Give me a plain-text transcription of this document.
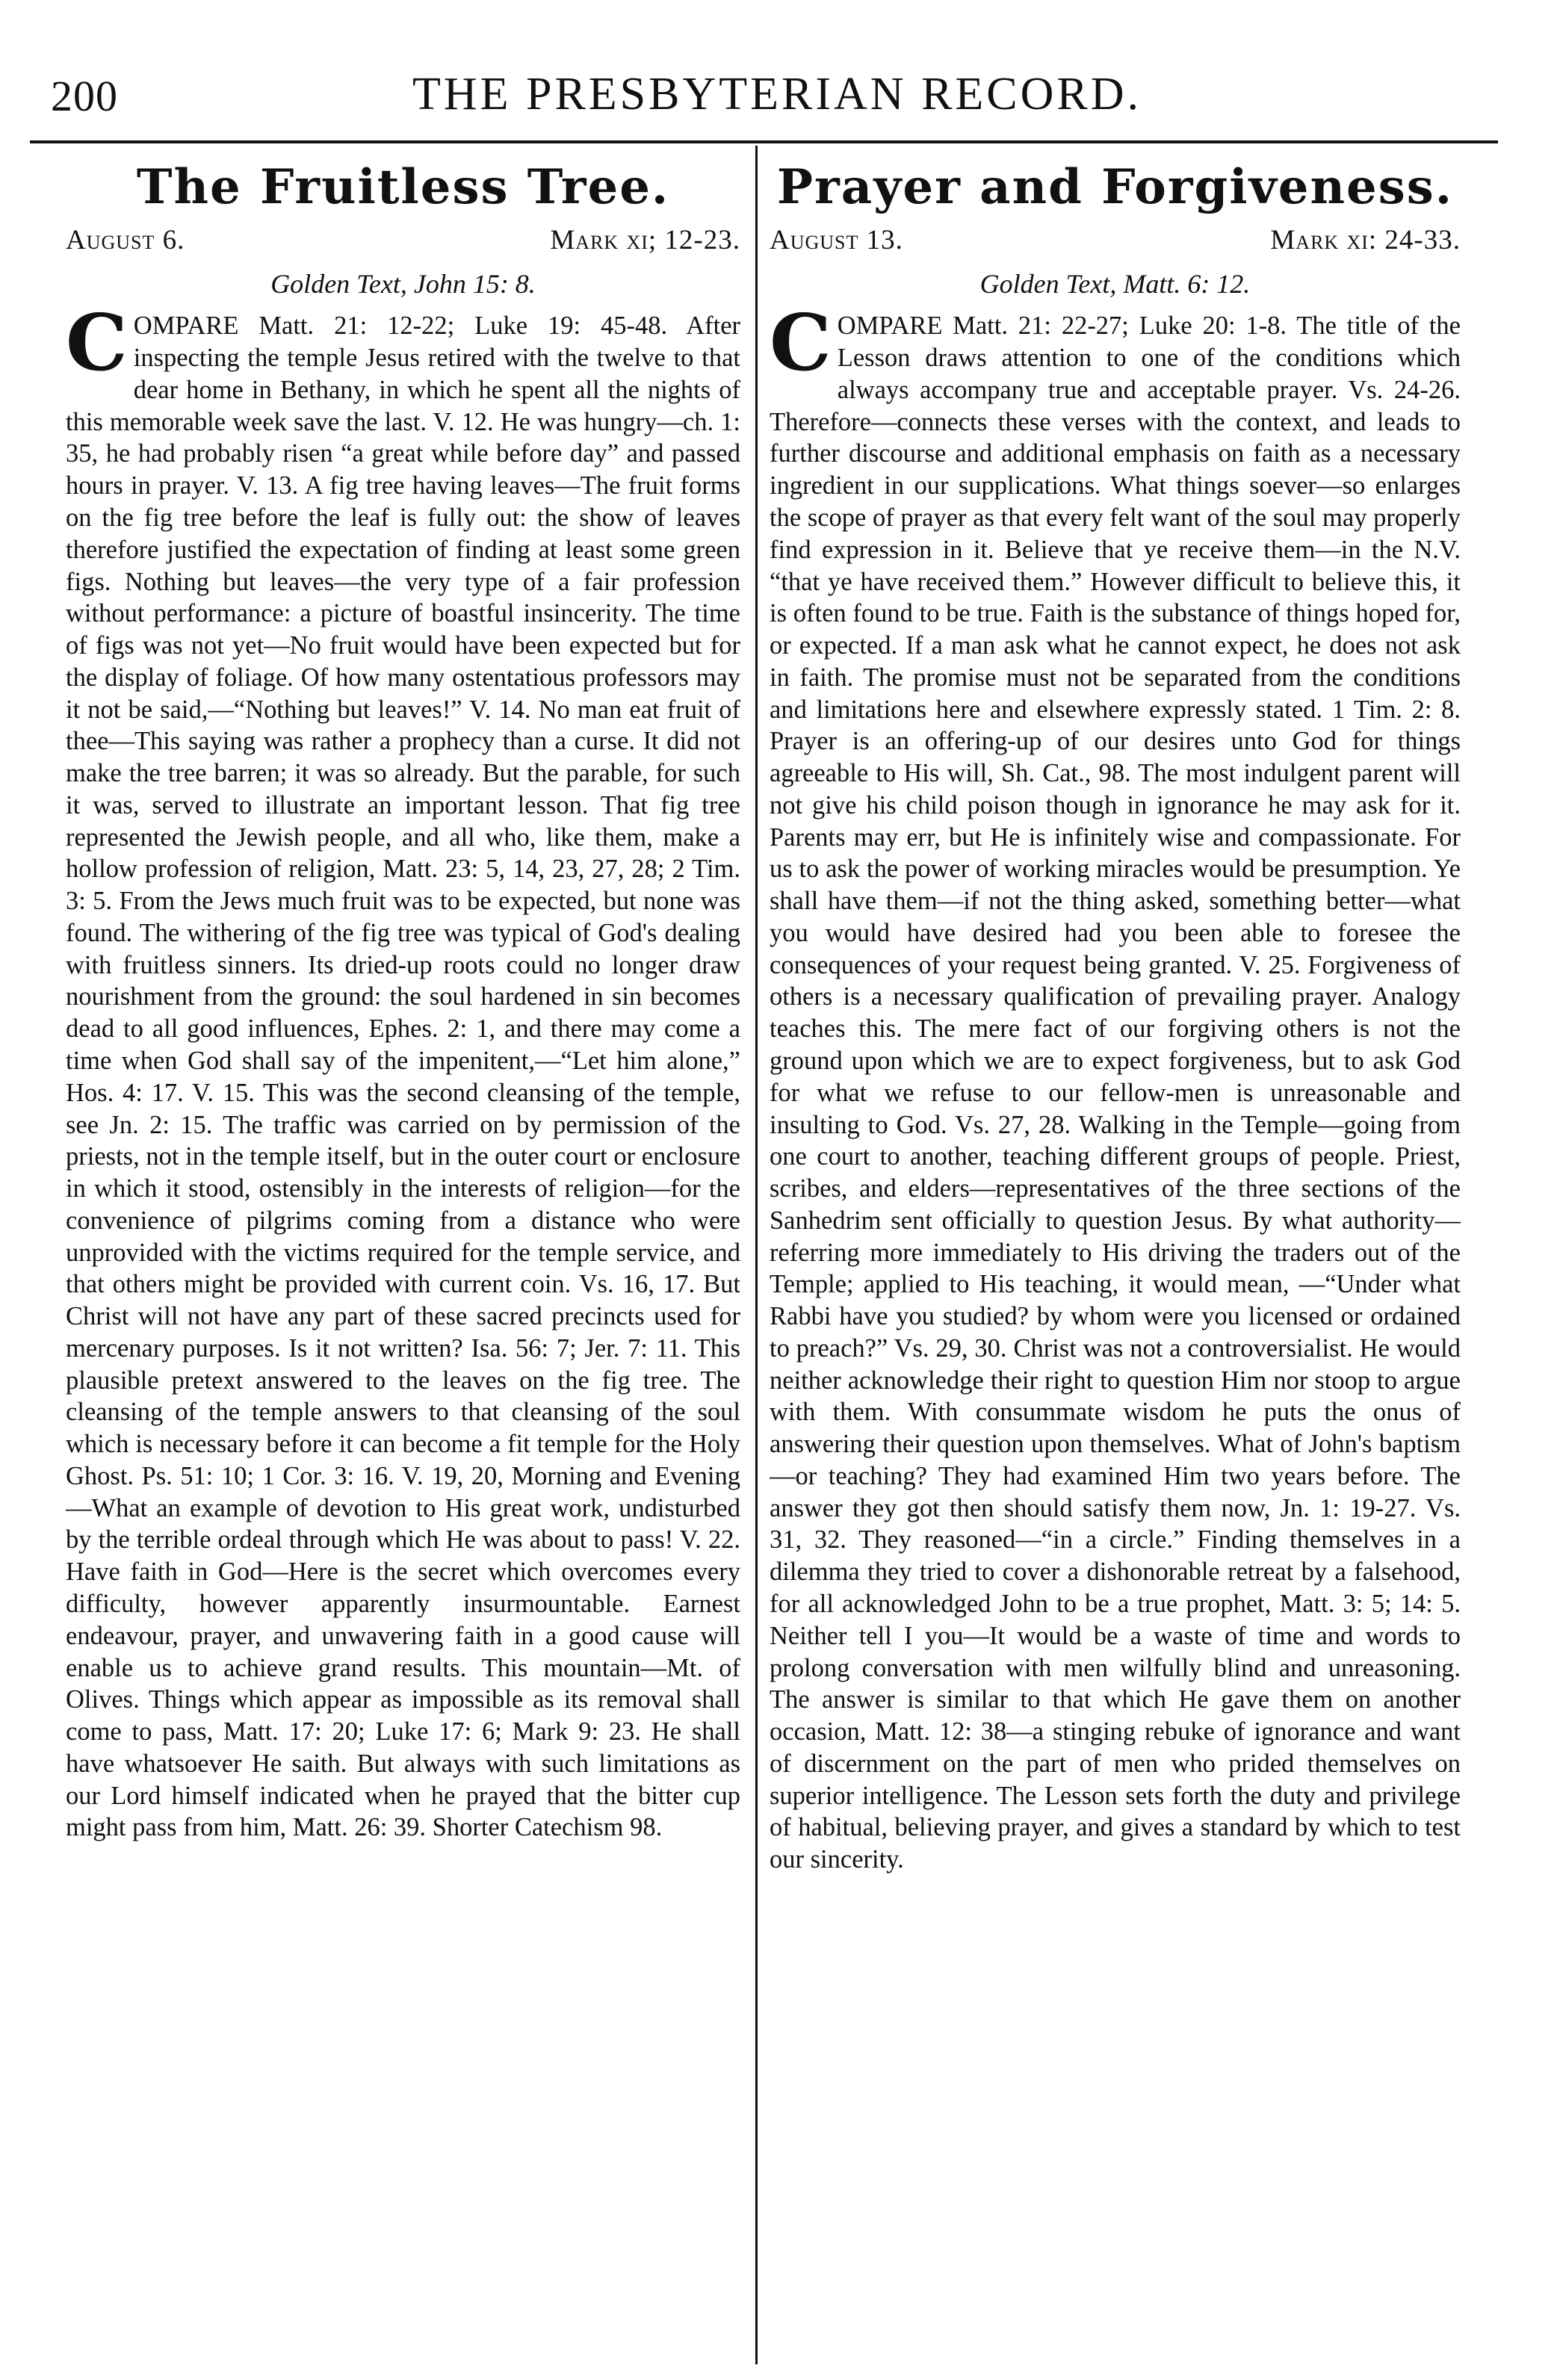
200	THE PRESBYTERIAN RECORD.
The Fruitless Tree.
August 6.	Mark xi; 12-23.
Golden Text, John 15: 8.

COMPARE Matt. 21: 12-22; Luke 19: 45-48. After inspecting the temple Jesus retired with the twelve to that dear home in Bethany, in which he spent all the nights of this memorable week save the last. V. 12. He was hungry—ch. 1: 35, he had probably risen “a great while before day” and passed hours in prayer. V. 13. A fig tree having leaves—The fruit forms on the fig tree before the leaf is fully out: the show of leaves therefore justified the expectation of finding at least some green figs. Nothing but leaves—the very type of a fair profession without performance: a picture of boastful insincerity. The time of figs was not yet—No fruit would have been expected but for the display of foliage. Of how many ostentatious professors may it not be said,—“Nothing but leaves!” V. 14. No man eat fruit of thee—This saying was rather a prophecy than a curse. It did not make the tree barren; it was so already. But the parable, for such it was, served to illustrate an important lesson. That fig tree represented the Jewish people, and all who, like them, make a hollow profession of religion, Matt. 23: 5, 14, 23, 27, 28; 2 Tim. 3: 5. From the Jews much fruit was to be expected, but none was found. The withering of the fig tree was typical of God's dealing with fruitless sinners. Its dried-up roots could no longer draw nourishment from the ground: the soul hardened in sin becomes dead to all good influences, Ephes. 2: 1, and there may come a time when God shall say of the impenitent,—“Let him alone,” Hos. 4: 17. V. 15. This was the second cleansing of the temple, see Jn. 2: 15. The traffic was carried on by permission of the priests, not in the temple itself, but in the outer court or enclosure in which it stood, ostensibly in the interests of religion—for the convenience of pilgrims coming from a distance who were unprovided with the victims required for the temple service, and that others might be provided with current coin. Vs. 16, 17. But Christ will not have any part of these sacred precincts used for mercenary purposes. Is it not written? Isa. 56: 7; Jer. 7: 11. This plausible pretext answered to the leaves on the fig tree. The cleansing of the temple answers to that cleansing of the soul which is necessary before it can become a fit temple for the Holy Ghost. Ps. 51: 10; 1 Cor. 3: 16. V. 19, 20, Morning and Evening—What an example of devotion to His great work, undisturbed by the terrible ordeal through which He was about to pass! V. 22. Have faith in God—Here is the secret which overcomes every difficulty, however apparently insurmountable. Earnest endeavour, prayer, and unwavering faith in a good cause will enable us to achieve grand results. This mountain—Mt. of Olives. Things which appear as impossible as its removal shall come to pass, Matt. 17: 20; Luke 17: 6; Mark 9: 23. He shall have whatsoever He saith. But always with such limitations as our Lord himself indicated when he prayed that the bitter cup might pass from him, Matt. 26: 39. Shorter Catechism 98.

Prayer and Forgiveness.
August 13.	Mark xi: 24-33.
Golden Text, Matt. 6: 12.

COMPARE Matt. 21: 22-27; Luke 20: 1-8. The title of the Lesson draws attention to one of the conditions which always accompany true and acceptable prayer. Vs. 24-26. Therefore—connects these verses with the context, and leads to further discourse and additional emphasis on faith as a necessary ingredient in our supplications. What things soever—so enlarges the scope of prayer as that every felt want of the soul may properly find expression in it. Believe that ye receive them—in the N.V. “that ye have received them.” However difficult to believe this, it is often found to be true. Faith is the substance of things hoped for, or expected. If a man ask what he cannot expect, he does not ask in faith. The promise must not be separated from the conditions and limitations here and elsewhere expressly stated. 1 Tim. 2: 8. Prayer is an offering-up of our desires unto God for things agreeable to His will, Sh. Cat., 98. The most indulgent parent will not give his child poison though in ignorance he may ask for it. Parents may err, but He is infinitely wise and compassionate. For us to ask the power of working miracles would be presumption. Ye shall have them—if not the thing asked, something better—what you would have desired had you been able to foresee the consequences of your request being granted. V. 25. Forgiveness of others is a necessary qualification of prevailing prayer. Analogy teaches this. The mere fact of our forgiving others is not the ground upon which we are to expect forgiveness, but to ask God for what we refuse to our fellow-men is unreasonable and insulting to God. Vs. 27, 28. Walking in the Temple—going from one court to another, teaching different groups of people. Priest, scribes, and elders—representatives of the three sections of the Sanhedrim sent officially to question Jesus. By what authority—referring more immediately to His driving the traders out of the Temple; applied to His teaching, it would mean, —“Under what Rabbi have you studied? by whom were you licensed or ordained to preach?” Vs. 29, 30. Christ was not a controversialist. He would neither acknowledge their right to question Him nor stoop to argue with them. With consummate wisdom he puts the onus of answering their question upon themselves. What of John's baptism—or teaching? They had examined Him two years before. The answer they got then should satisfy them now, Jn. 1: 19-27. Vs. 31, 32. They reasoned—“in a circle.” Finding themselves in a dilemma they tried to cover a dishonorable retreat by a falsehood, for all acknowledged John to be a true prophet, Matt. 3: 5; 14: 5. Neither tell I you—It would be a waste of time and words to prolong conversation with men wilfully blind and unreasoning. The answer is similar to that which He gave them on another occasion, Matt. 12: 38—a stinging rebuke of ignorance and want of discernment on the part of men who prided themselves on superior intelligence. The Lesson sets forth the duty and privilege of habitual, believing prayer, and gives a standard by which to test our sincerity.
